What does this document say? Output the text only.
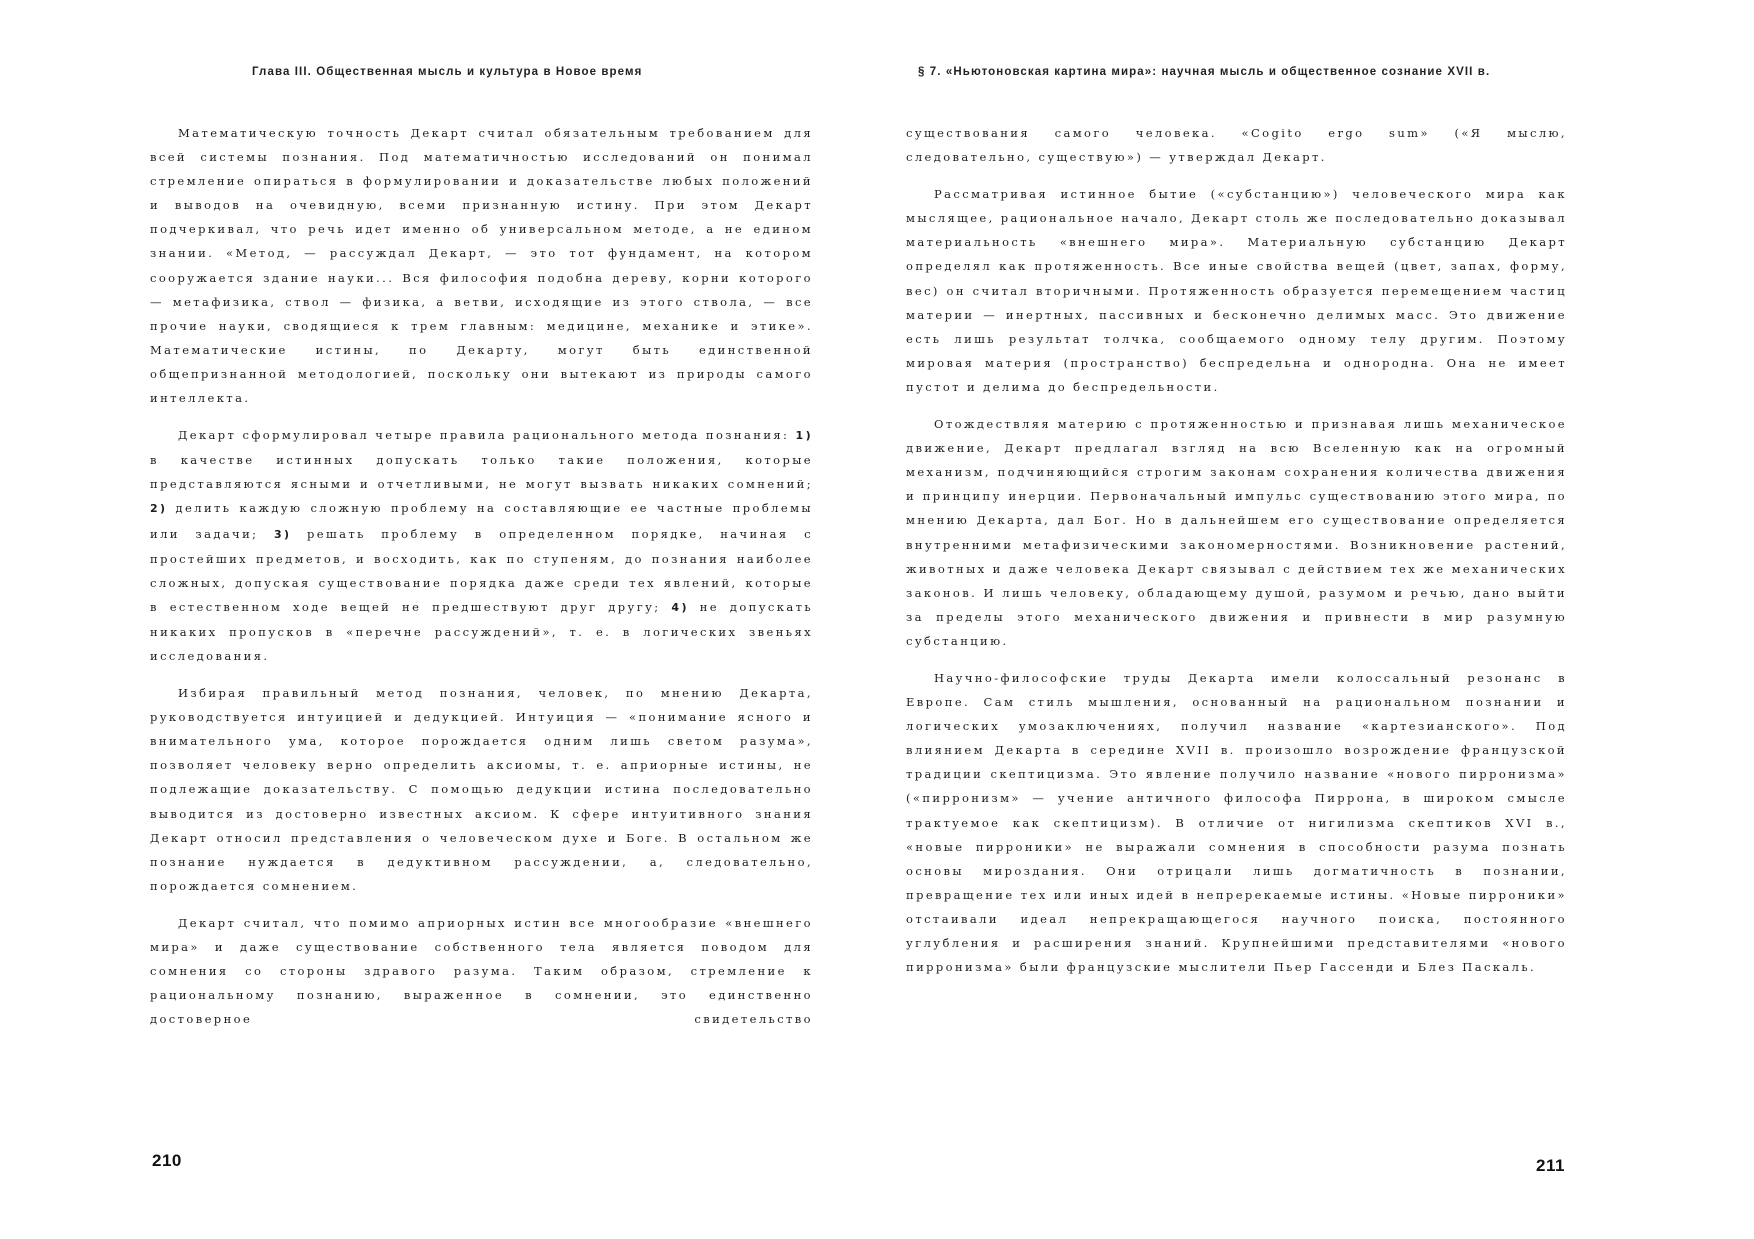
Глава III. Общественная мысль и культура в Новое время	§ 7. «Ньютоновская картина мира»: научная мысль и общественное сознание XVII в.

Математическую точность Декарт считал обязательным требованием для всей системы познания. Под математичностью исследований он понимал стремление опираться в формулировании и доказательстве любых положений и выводов на очевидную, всеми признанную истину. При этом Декарт подчеркивал, что речь идет именно об универсальном методе, а не едином знании. «Метод, — рассуждал Декарт, — это тот фундамент, на котором сооружается здание науки... Вся философия подобна дереву, корни которого — метафизика, ствол — физика, а ветви, исходящие из этого ствола, — все прочие науки, сводящиеся к трем главным: медицине, механике и этике». Математические истины, по Декарту, могут быть единственной общепризнанной методологией, поскольку они вытекают из природы самого интеллекта.

Декарт сформулировал четыре правила рационального метода познания: 1) в качестве истинных допускать только такие положения, которые представляются ясными и отчетливыми, не могут вызвать никаких сомнений; 2) делить каждую сложную проблему на составляющие ее частные проблемы или задачи; 3) решать проблему в определенном порядке, начиная с простейших предметов, и восходить, как по ступеням, до познания наиболее сложных, допуская существование порядка даже среди тех явлений, которые в естественном ходе вещей не предшествуют друг другу; 4) не допускать никаких пропусков в «перечне рассуждений», т. е. в логических звеньях исследования.

Избирая правильный метод познания, человек, по мнению Декарта, руководствуется интуицией и дедукцией. Интуиция — «понимание ясного и внимательного ума, которое порождается одним лишь светом разума», позволяет человеку верно определить аксиомы, т. е. априорные истины, не подлежащие доказательству. С помощью дедукции истина последовательно выводится из достоверно известных аксиом. К сфере интуитивного знания Декарт относил представления о человеческом духе и Боге. В остальном же познание нуждается в дедуктивном рассуждении, а, следовательно, порождается сомнением.

Декарт считал, что помимо априорных истин все многообразие «внешнего мира» и даже существование собственного тела является поводом для сомнения со стороны здравого разума. Таким образом, стремление к рациональному познанию, выраженное в сомнении, это единственно достоверное свидетельство

существования самого человека. «Cogito ergo sum» («Я мыслю, следовательно, существую») — утверждал Декарт.

Рассматривая истинное бытие («субстанцию») человеческого мира как мыслящее, рациональное начало, Декарт столь же последовательно доказывал материальность «внешнего мира». Материальную субстанцию Декарт определял как протяженность. Все иные свойства вещей (цвет, запах, форму, вес) он считал вторичными. Протяженность образуется перемещением частиц материи — инертных, пассивных и бесконечно делимых масс. Это движение есть лишь результат толчка, сообщаемого одному телу другим. Поэтому мировая материя (пространство) беспредельна и однородна. Она не имеет пустот и делима до беспредельности.

Отождествляя материю с протяженностью и признавая лишь механическое движение, Декарт предлагал взгляд на всю Вселенную как на огромный механизм, подчиняющийся строгим законам сохранения количества движения и принципу инерции. Первоначальный импульс существованию этого мира, по мнению Декарта, дал Бог. Но в дальнейшем его существование определяется внутренними метафизическими закономерностями. Возникновение растений, животных и даже человека Декарт связывал с действием тех же механических законов. И лишь человеку, обладающему душой, разумом и речью, дано выйти за пределы этого механического движения и привнести в мир разумную субстанцию.

Научно-философские труды Декарта имели колоссальный резонанс в Европе. Сам стиль мышления, основанный на рациональном познании и логических умозаключениях, получил название «картезианского». Под влиянием Декарта в середине XVII в. произошло возрождение французской традиции скептицизма. Это явление получило название «нового пирронизма» («пирронизм» — учение античного философа Пиррона, в широком смысле трактуемое как скептицизм). В отличие от нигилизма скептиков XVI в., «новые пирроники» не выражали сомнения в способности разума познать основы мироздания. Они отрицали лишь догматичность в познании, превращение тех или иных идей в непререкаемые истины. «Новые пирроники» отстаивали идеал непрекращающегося научного поиска, постоянного углубления и расширения знаний. Крупнейшими представителями «нового пирронизма» были французские мыслители Пьер Гассенди и Блез Паскаль.

210	211
